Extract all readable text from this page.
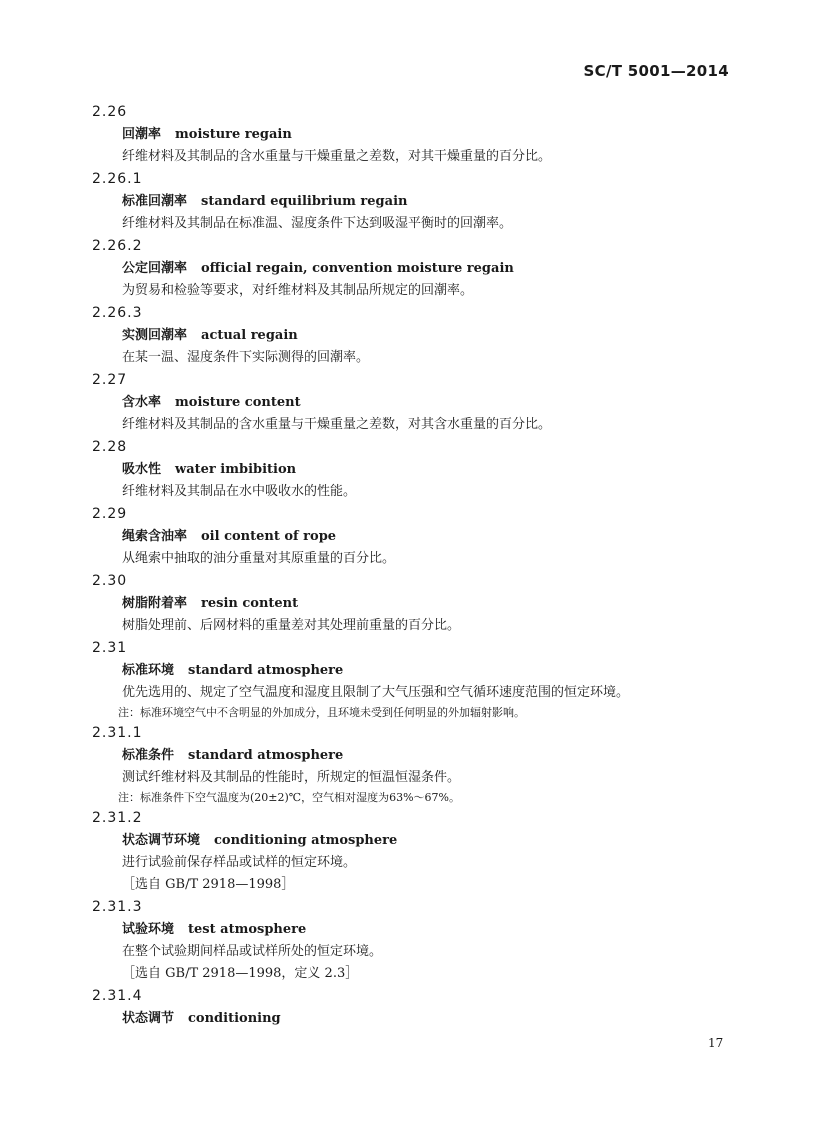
SC/T 5001—2014
2.26
回潮率 moisture regain
纤维材料及其制品的含水重量与干燥重量之差数，对其干燥重量的百分比。
2.26.1
标准回潮率 standard equilibrium regain
纤维材料及其制品在标准温、湿度条件下达到吸湿平衡时的回潮率。
2.26.2
公定回潮率 official regain, convention moisture regain
为贸易和检验等要求，对纤维材料及其制品所规定的回潮率。
2.26.3
实测回潮率 actual regain
在某一温、湿度条件下实际测得的回潮率。
2.27
含水率 moisture content
纤维材料及其制品的含水重量与干燥重量之差数，对其含水重量的百分比。
2.28
吸水性 water imbibition
纤维材料及其制品在水中吸收水的性能。
2.29
绳索含油率 oil content of rope
从绳索中抽取的油分重量对其原重量的百分比。
2.30
树脂附着率 resin content
树脂处理前、后网材料的重量差对其处理前重量的百分比。
2.31
标准环境 standard atmosphere
优先选用的、规定了空气温度和湿度且限制了大气压强和空气循环速度范围的恒定环境。
注：标准环境空气中不含明显的外加成分，且环境未受到任何明显的外加辐射影响。
2.31.1
标准条件 standard atmosphere
测试纤维材料及其制品的性能时，所规定的恒温恒湿条件。
注：标准条件下空气温度为(20±2)℃，空气相对湿度为63%～67%。
2.31.2
状态调节环境 conditioning atmosphere
进行试验前保存样品或试样的恒定环境。
［选自 GB/T 2918—1998］
2.31.3
试验环境 test atmosphere
在整个试验期间样品或试样所处的恒定环境。
［选自 GB/T 2918—1998，定义 2.3］
2.31.4
状态调节 conditioning
17
